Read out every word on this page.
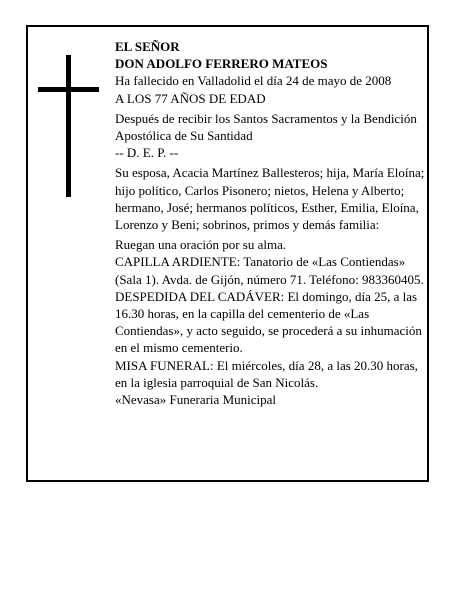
EL SEÑOR

DON ADOLFO FERRERO MATEOS

Ha fallecido en Valladolid el día 24 de mayo de 2008

A LOS 77 AÑOS DE EDAD

Después de recibir los Santos Sacramentos y la Bendición Apostólica de Su Santidad

-- D. E. P. --

Su esposa, Acacia Martínez Ballesteros; hija, María Eloína; hijo político, Carlos Pisonero; nietos, Helena y Alberto; hermano, José; hermanos políticos, Esther, Emilia, Eloína, Lorenzo y Beni; sobrinos, primos y demás familia:

Ruegan una oración por su alma.

CAPILLA ARDIENTE: Tanatorio de «Las Contiendas» (Sala 1). Avda. de Gijón, número 71. Teléfono: 983360405.

DESPEDIDA DEL CADÁVER: El domingo, día 25, a las 16.30 horas, en la capilla del cementerio de «Las Contiendas», y acto seguido, se procederá a su inhumación en el mismo cementerio.

MISA FUNERAL: El miércoles, día 28, a las 20.30 horas, en la iglesia parroquial de San Nicolás.

«Nevasa» Funeraria Municipal
